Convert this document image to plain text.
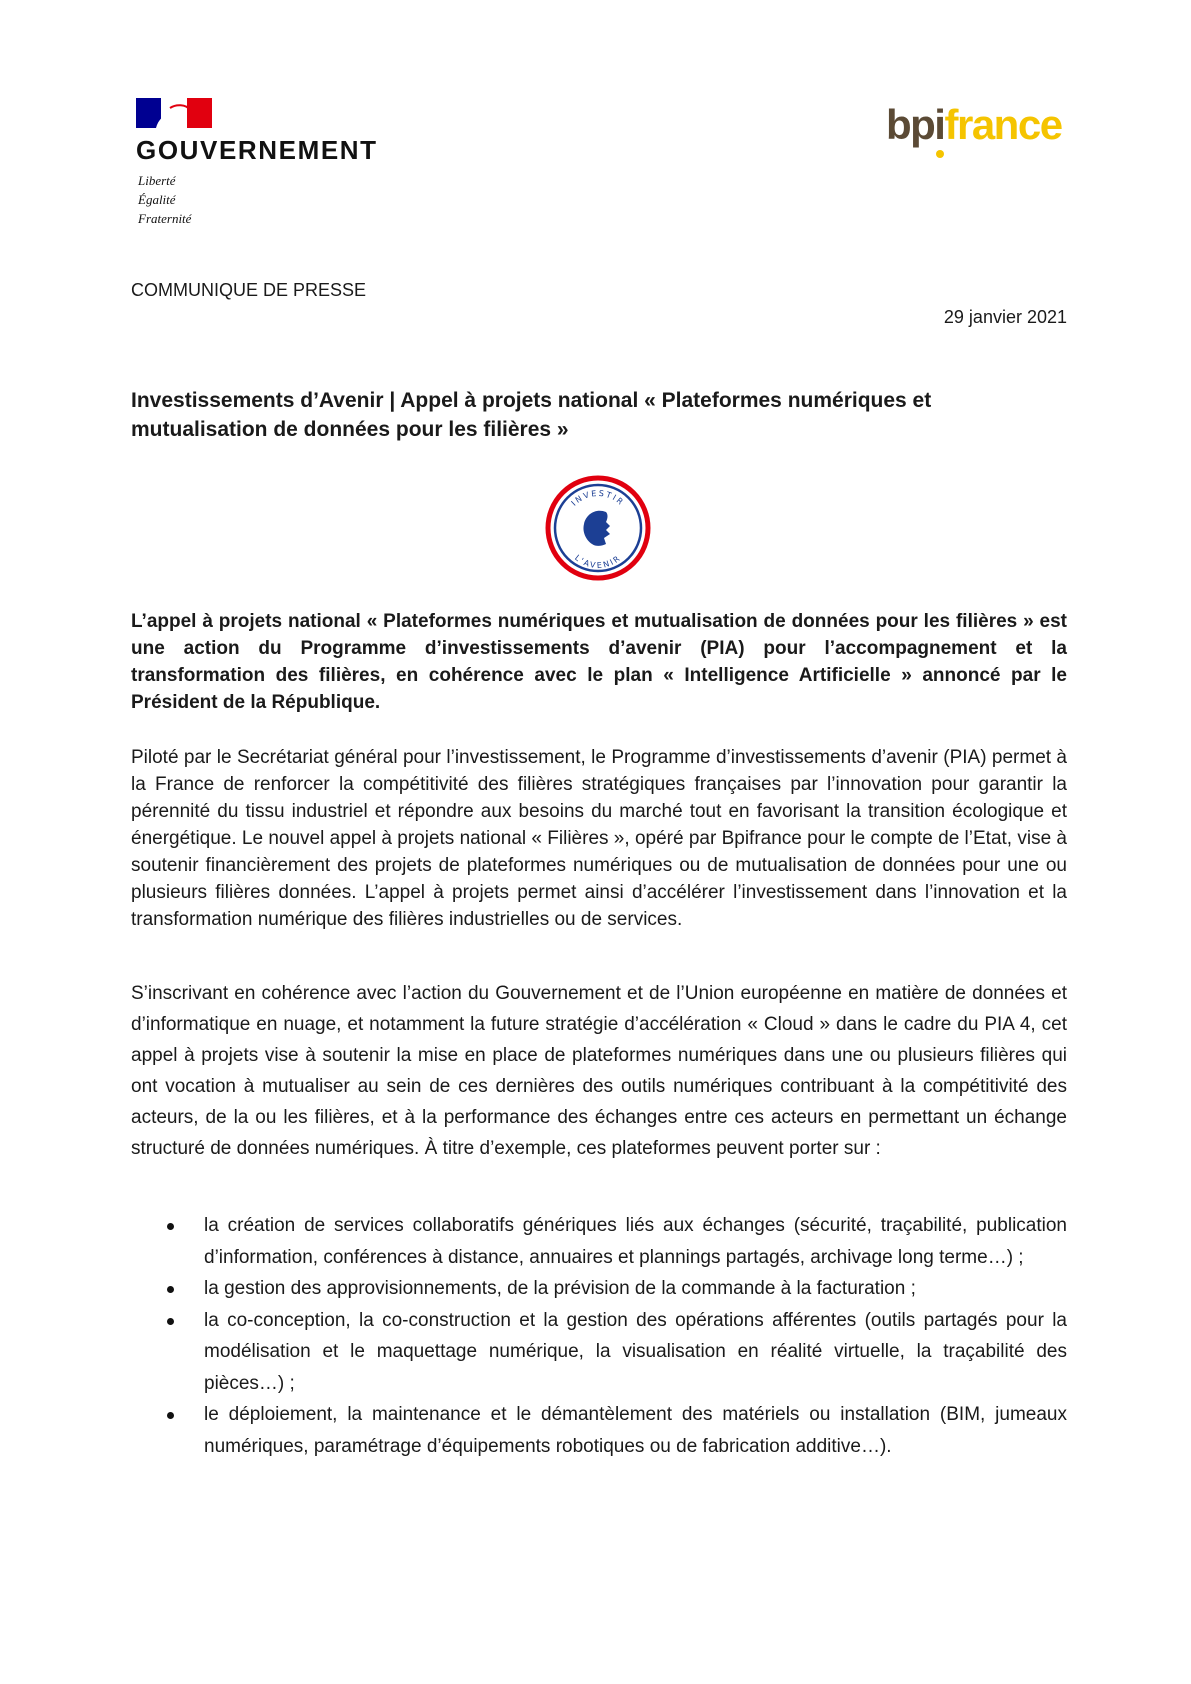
GOUVERNEMENT
Liberté
Égalité
Fraternité
bpifrance
COMMUNIQUE DE PRESSE
29 janvier 2021
Investissements d’Avenir | Appel à projets national « Plateformes numériques et mutualisation de données pour les filières »
INVESTIR
L'AVENIR
L’appel à projets national « Plateformes numériques et mutualisation de données pour les filières » est une action du Programme d’investissements d’avenir (PIA) pour l’accompagnement et la transformation des filières, en cohérence avec le plan « Intelligence Artificielle » annoncé par le Président de la République.
Piloté par le Secrétariat général pour l’investissement, le Programme d’investissements d’avenir (PIA) permet à la France de renforcer la compétitivité des filières stratégiques françaises par l’innovation pour garantir la pérennité du tissu industriel et répondre aux besoins du marché tout en favorisant la transition écologique et énergétique. Le nouvel appel à projets national « Filières », opéré par Bpifrance pour le compte de l’Etat, vise à soutenir financièrement des projets de plateformes numériques ou de mutualisation de données pour une ou plusieurs filières données. L’appel à projets permet ainsi d’accélérer l’investissement dans l’innovation et la transformation numérique des filières industrielles ou de services.
S’inscrivant en cohérence avec l’action du Gouvernement et de l’Union européenne en matière de données et d’informatique en nuage, et notamment la future stratégie d’accélération « Cloud » dans le cadre du PIA 4, cet appel à projets vise à soutenir la mise en place de plateformes numériques dans une ou plusieurs filières qui ont vocation à mutualiser au sein de ces dernières des outils numériques contribuant à la compétitivité des acteurs, de la ou les filières, et à la performance des échanges entre ces acteurs en permettant un échange structuré de données numériques. À titre d’exemple, ces plateformes peuvent porter sur :
la création de services collaboratifs génériques liés aux échanges (sécurité, traçabilité, publication d’information, conférences à distance, annuaires et plannings partagés, archivage long terme…) ;
la gestion des approvisionnements, de la prévision de la commande à la facturation ;
la co-conception, la co-construction et la gestion des opérations afférentes (outils partagés pour la modélisation et le maquettage numérique, la visualisation en réalité virtuelle, la traçabilité des pièces…) ;
le déploiement, la maintenance et le démantèlement des matériels ou installation (BIM, jumeaux numériques, paramétrage d’équipements robotiques ou de fabrication additive…).
